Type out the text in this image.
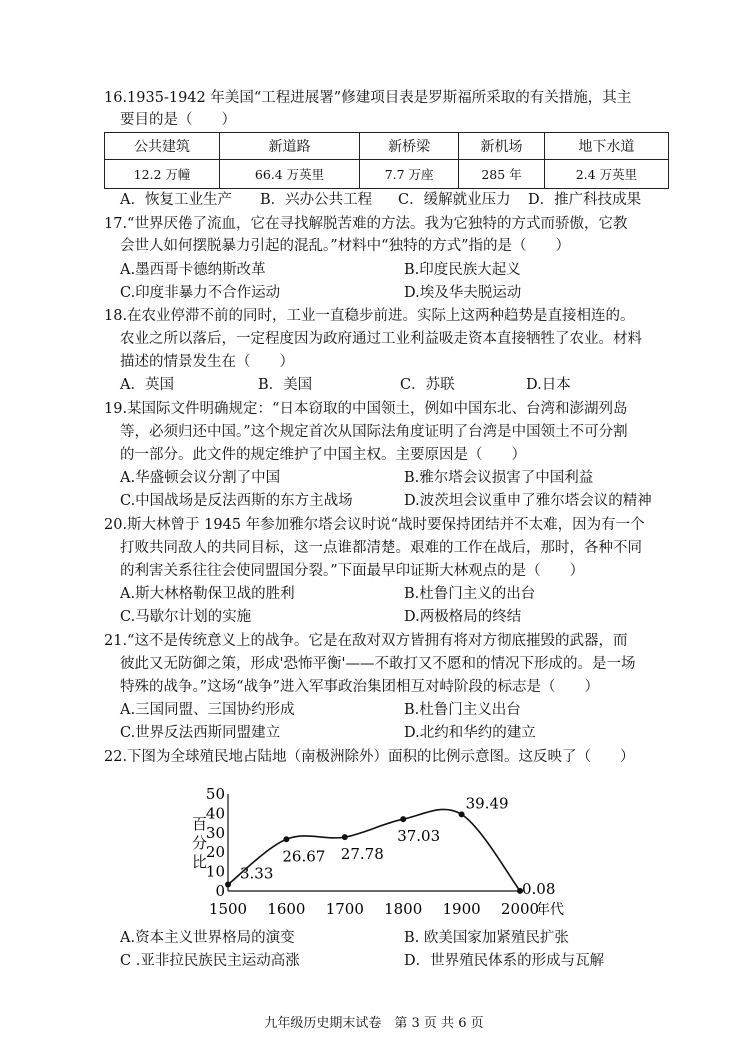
16.1935-1942 年美国“工程进展署”修建项目表是罗斯福所采取的有关措施，其主
要目的是（　　）
公共建筑	新道路	新桥梁	新机场	地下水道
12.2 万幢	66.4 万英里	7.7 万座	285 年	2.4 万英里
A．恢复工业生产 B．兴办公共工程 C．缓解就业压力 D．推广科技成果
17.“世界厌倦了流血，它在寻找解脱苦难的方法。我为它独特的方式而骄傲，它教
会世人如何摆脱暴力引起的混乱。”材料中“独特的方式”指的是（　　）
A.墨西哥卡德纳斯改革	B.印度民族大起义
C.印度非暴力不合作运动	D.埃及华夫脱运动
18.在农业停滞不前的同时，工业一直稳步前进。实际上这两种趋势是直接相连的。
农业之所以落后，一定程度因为政府通过工业利益吸走资本直接牺牲了农业。材料
描述的情景发生在（　　）
A．英国	B．美国	C．苏联	D.日本
19.某国际文件明确规定：“日本窃取的中国领土，例如中国东北、台湾和澎湖列岛
等，必须归还中国。”这个规定首次从国际法角度证明了台湾是中国领土不可分割
的一部分。此文件的规定维护了中国主权。主要原因是（　　）
A.华盛顿会议分割了中国	B.雅尔塔会议损害了中国利益
C.中国战场是反法西斯的东方主战场	D.波茨坦会议重申了雅尔塔会议的精神
20.斯大林曾于 1945 年参加雅尔塔会议时说“战时要保持团结并不太难，因为有一个
打败共同敌人的共同目标，这一点谁都清楚。艰难的工作在战后，那时，各种不同
的利害关系往往会使同盟国分裂。”下面最早印证斯大林观点的是（　　）
A.斯大林格勒保卫战的胜利	B.杜鲁门主义的出台
C.马歇尔计划的实施	D.两极格局的终结
21.“这不是传统意义上的战争。它是在敌对双方皆拥有将对方彻底摧毁的武器，而
彼此又无防御之策，形成'恐怖平衡'——不敢打又不愿和的情况下形成的。是一场
特殊的战争。”这场“战争”进入军事政治集团相互对峙阶段的标志是（　　）
A.三国同盟、三国协约形成	B.杜鲁门主义出台
C.世界反法西斯同盟建立	D.北约和华约的建立
22.下图为全球殖民地占陆地（南极洲除外）面积的比例示意图。这反映了（　　）
0
10
20
30
40
50
1500 1600 1700 1800 1900 2000
百
分
比
3.33
26.67 27.78
37.03
39.49
0.08
年代
A.资本主义世界格局的演变	B. 欧美国家加紧殖民扩张
C .亚非拉民族民主运动高涨	D．世界殖民体系的形成与瓦解
九年级历史期末试卷　第 3 页 共 6 页
